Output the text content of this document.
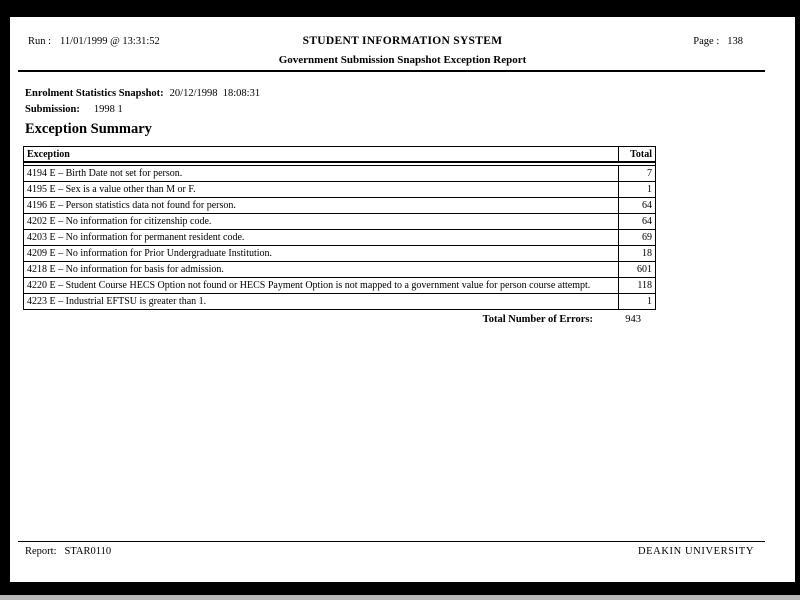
Run : 11/01/1999 @ 13:31:52	STUDENT INFORMATION SYSTEM
Government Submission Snapshot Exception Report
Page : 138
Enrolment Statistics Snapshot: 20/12/1998  18:08:31
Submission: 1998 1
Exception Summary
Exception	Total
4194 E – Birth Date not set for person.	7
4195 E – Sex is a value other than M or F.	1
4196 E – Person statistics data not found for person.	64
4202 E – No information for citizenship code.	64
4203 E – No information for permanent resident code.	69
4209 E – No information for Prior Undergraduate Institution.	18
4218 E – No information for basis for admission.	601
4220 E – Student Course HECS Option not found or HECS Payment Option is not mapped to a government value for person course attempt.	118
4223 E – Industrial EFTSU is greater than 1.	1
Total Number of Errors:	943
Report: STAR0110	DEAKIN UNIVERSITY
